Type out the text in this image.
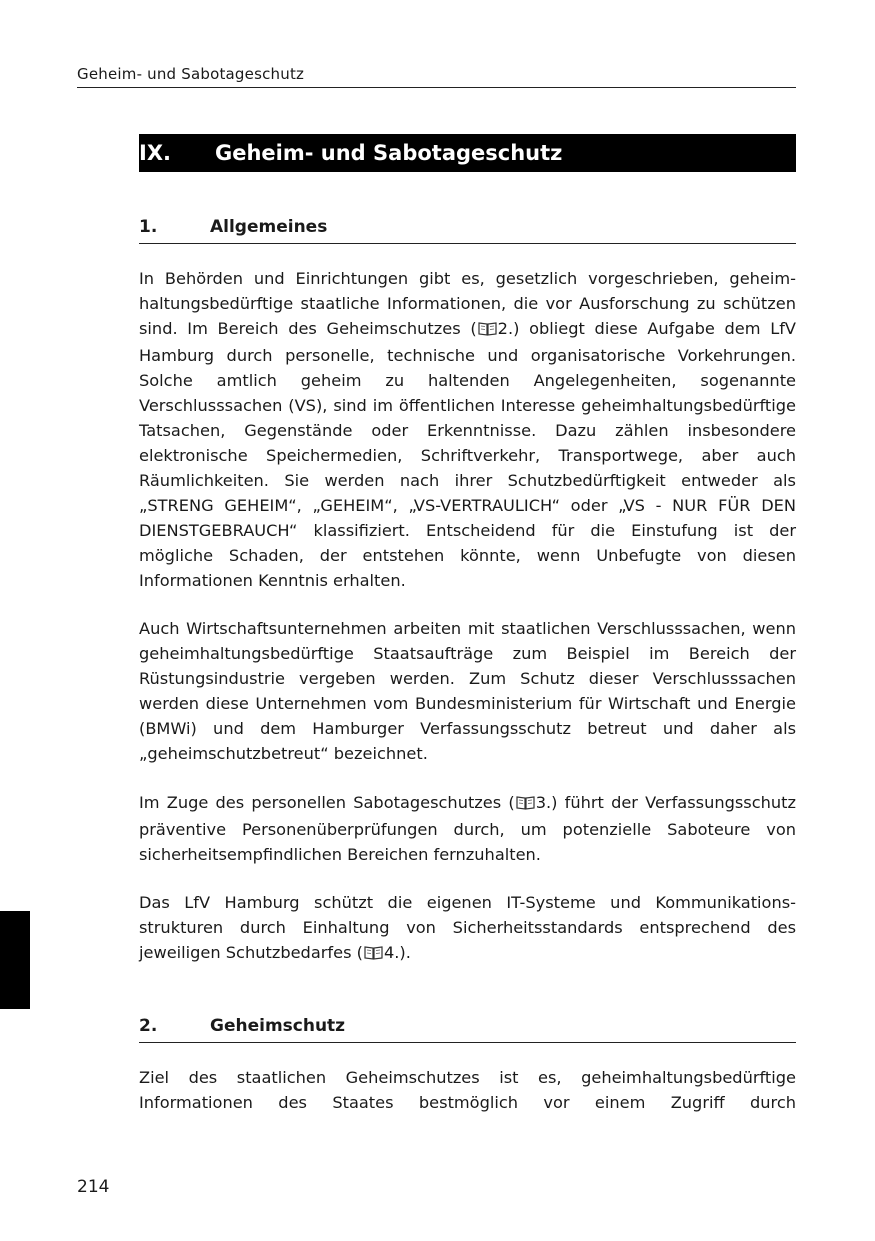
Geheim- und Sabotageschutz
IX. Geheim- und Sabotageschutz
1.	Allgemeines

In Behörden und Einrichtungen gibt es, gesetzlich vorgeschrieben, geheimhaltungsbedürftige staatliche Informationen, die vor Ausforschung zu schützen sind. Im Bereich des Geheimschutzes ( 2.) obliegt diese Aufgabe dem LfV Hamburg durch personelle, technische und organisatorische Vorkehrungen. Solche amtlich geheim zu haltenden Angelegenheiten, sogenannte Verschlusssachen (VS), sind im öffentlichen Interesse geheimhaltungsbedürftige Tatsachen, Gegenstände oder Erkenntnisse. Dazu zählen insbesondere elektronische Speichermedien, Schriftverkehr, Transportwege, aber auch Räumlichkeiten. Sie werden nach ihrer Schutzbedürftigkeit entweder als „STRENG GEHEIM“, „GEHEIM“, „VS-VERTRAULICH“ oder „VS - NUR FÜR DEN DIENSTGEBRAUCH“ klassifiziert. Entscheidend für die Einstufung ist der mögliche Schaden, der entstehen könnte, wenn Unbefugte von diesen Informationen Kenntnis erhalten.

Auch Wirtschaftsunternehmen arbeiten mit staatlichen Verschlusssachen, wenn geheimhaltungsbedürftige Staatsaufträge zum Beispiel im Bereich der Rüstungsindustrie vergeben werden. Zum Schutz dieser Verschlusssachen werden diese Unternehmen vom Bundesministerium für Wirtschaft und Energie (BMWi) und dem Hamburger Verfassungsschutz betreut und daher als „geheimschutzbetreut“ bezeichnet.

Im Zuge des personellen Sabotageschutzes ( 3.) führt der Verfassungsschutz präventive Personenüberprüfungen durch, um potenzielle Saboteure von sicherheitsempfindlichen Bereichen fernzuhalten.

Das LfV Hamburg schützt die eigenen IT-Systeme und Kommunikationsstrukturen durch Einhaltung von Sicherheitsstandards entsprechend des jeweiligen Schutzbedarfes ( 4.).

2.	Geheimschutz

Ziel des staatlichen Geheimschutzes ist es, geheimhaltungsbedürftige Informationen des Staates bestmöglich vor einem Zugriff durch

214
